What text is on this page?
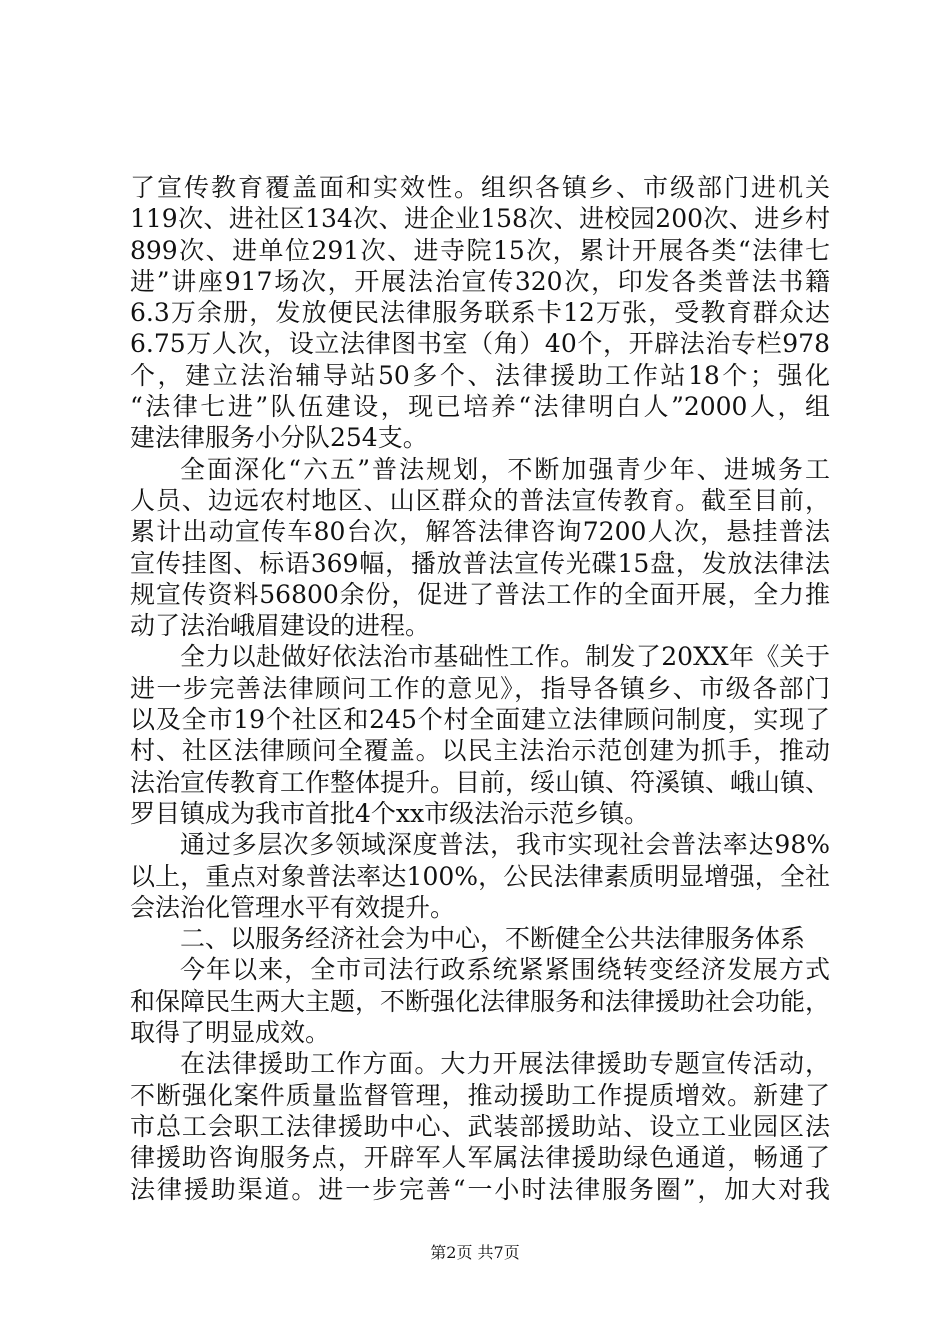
了宣传教育覆盖面和实效性。组织各镇乡、市级部门进机关
119次、进社区134次、进企业158次、进校园200次、进乡村
899次、进单位291次、进寺院15次，累计开展各类“法律七
进”讲座917场次，开展法治宣传320次，印发各类普法书籍
6.3万余册，发放便民法律服务联系卡12万张，受教育群众达
6.75万人次，设立法律图书室（角）40个，开辟法治专栏978
个，建立法治辅导站50多个、法律援助工作站18个；强化
“法律七进”队伍建设，现已培养“法律明白人”2000人，组
建法律服务小分队254支。
全面深化“六五”普法规划，不断加强青少年、进城务工
人员、边远农村地区、山区群众的普法宣传教育。截至目前，
累计出动宣传车80台次，解答法律咨询7200人次，悬挂普法
宣传挂图、标语369幅，播放普法宣传光碟15盘，发放法律法
规宣传资料56800余份，促进了普法工作的全面开展，全力推
动了法治峨眉建设的进程。
全力以赴做好依法治市基础性工作。制发了20XX年《关于
进一步完善法律顾问工作的意见》，指导各镇乡、市级各部门
以及全市19个社区和245个村全面建立法律顾问制度，实现了
村、社区法律顾问全覆盖。以民主法治示范创建为抓手，推动
法治宣传教育工作整体提升。目前，绥山镇、符溪镇、峨山镇、
罗目镇成为我市首批4个xx市级法治示范乡镇。
通过多层次多领域深度普法，我市实现社会普法率达98%
以上，重点对象普法率达100%，公民法律素质明显增强，全社
会法治化管理水平有效提升。
二、以服务经济社会为中心，不断健全公共法律服务体系
今年以来，全市司法行政系统紧紧围绕转变经济发展方式
和保障民生两大主题，不断强化法律服务和法律援助社会功能，
取得了明显成效。
在法律援助工作方面。大力开展法律援助专题宣传活动，
不断强化案件质量监督管理，推动援助工作提质增效。新建了
市总工会职工法律援助中心、武装部援助站、设立工业园区法
律援助咨询服务点，开辟军人军属法律援助绿色通道，畅通了
法律援助渠道。进一步完善“一小时法律服务圈”，加大对我
第2页 共7页
